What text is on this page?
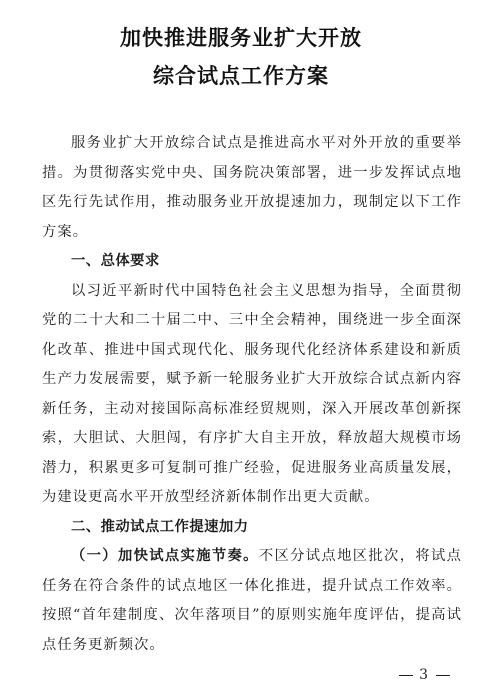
加快推进服务业扩大开放
综合试点工作方案

服务业扩大开放综合试点是推进高水平对外开放的重要举措。为贯彻落实党中央、国务院决策部署，进一步发挥试点地区先行先试作用，推动服务业开放提速加力，现制定以下工作方案。

一、总体要求

以习近平新时代中国特色社会主义思想为指导，全面贯彻党的二十大和二十届二中、三中全会精神，围绕进一步全面深化改革、推进中国式现代化、服务现代化经济体系建设和新质生产力发展需要，赋予新一轮服务业扩大开放综合试点新内容新任务，主动对接国际高标准经贸规则，深入开展改革创新探索，大胆试、大胆闯，有序扩大自主开放，释放超大规模市场潜力，积累更多可复制可推广经验，促进服务业高质量发展，为建设更高水平开放型经济新体制作出更大贡献。

二、推动试点工作提速加力

（一）加快试点实施节奏。不区分试点地区批次，将试点任务在符合条件的试点地区一体化推进，提升试点工作效率。按照“首年建制度、次年落项目”的原则实施年度评估，提高试点任务更新频次。

3
